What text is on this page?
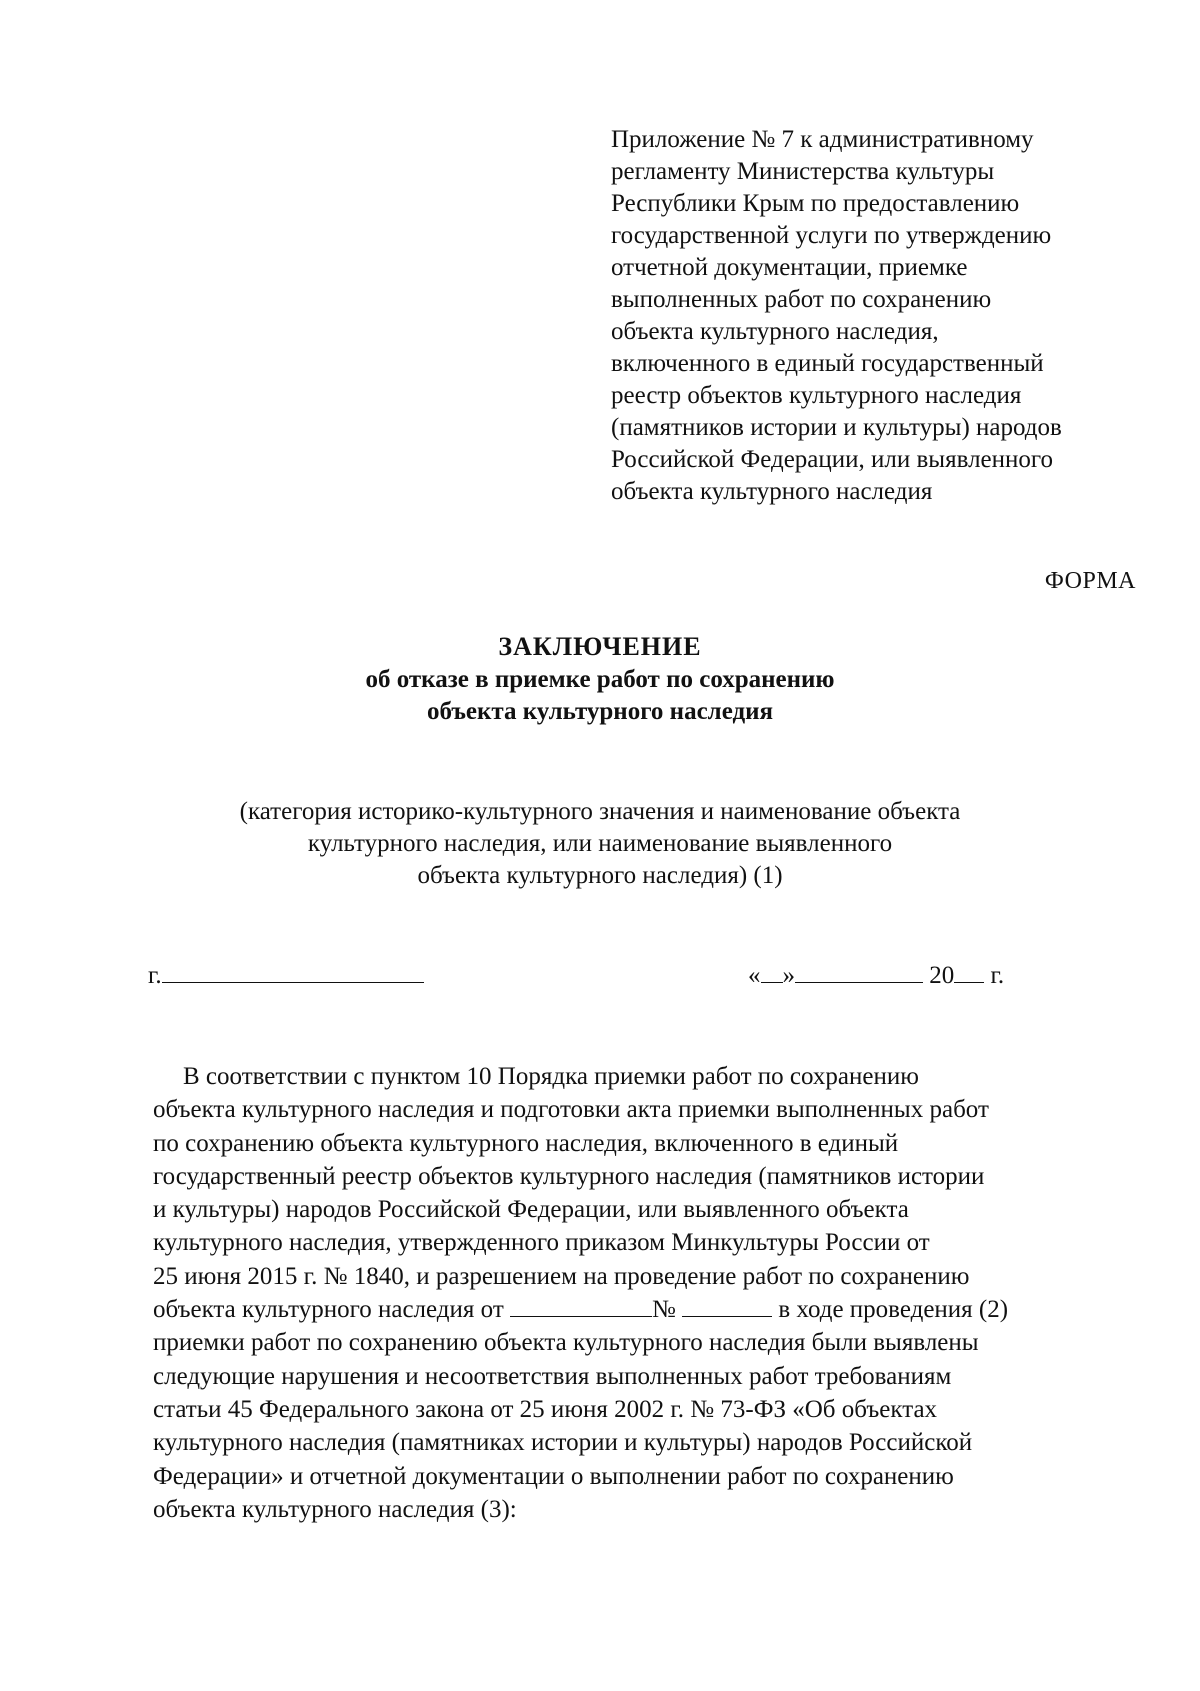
Приложение № 7 к административному
регламенту Министерства культуры
Республики Крым по предоставлению
государственной услуги по утверждению
отчетной документации, приемке
выполненных работ по сохранению
объекта культурного наследия,
включенного в единый государственный
реестр объектов культурного наследия
(памятников истории и культуры) народов
Российской Федерации, или выявленного
объекта культурного наследия
ФОРМА
ЗАКЛЮЧЕНИЕ
об отказе в приемке работ по сохранению
объекта культурного наследия
(категория историко-культурного значения и наименование объекта
культурного наследия, или наименование выявленного
объекта культурного наследия) (1)
г.	« »	20 г.
В соответствии с пунктом 10 Порядка приемки работ по сохранению
объекта культурного наследия и подготовки акта приемки выполненных работ
по сохранению объекта культурного наследия, включенного в единый
государственный реестр объектов культурного наследия (памятников истории
и культуры) народов Российской Федерации, или выявленного объекта
культурного наследия, утвержденного приказом Минкультуры России от
25 июня 2015 г. № 1840, и разрешением на проведение работ по сохранению
объекта культурного наследия от	№	в ходе проведения (2)
приемки работ по сохранению объекта культурного наследия были выявлены
следующие нарушения и несоответствия выполненных работ требованиям
статьи 45 Федерального закона от 25 июня 2002 г. № 73-ФЗ «Об объектах
культурного наследия (памятниках истории и культуры) народов Российской
Федерации» и отчетной документации о выполнении работ по сохранению
объекта культурного наследия (3):
